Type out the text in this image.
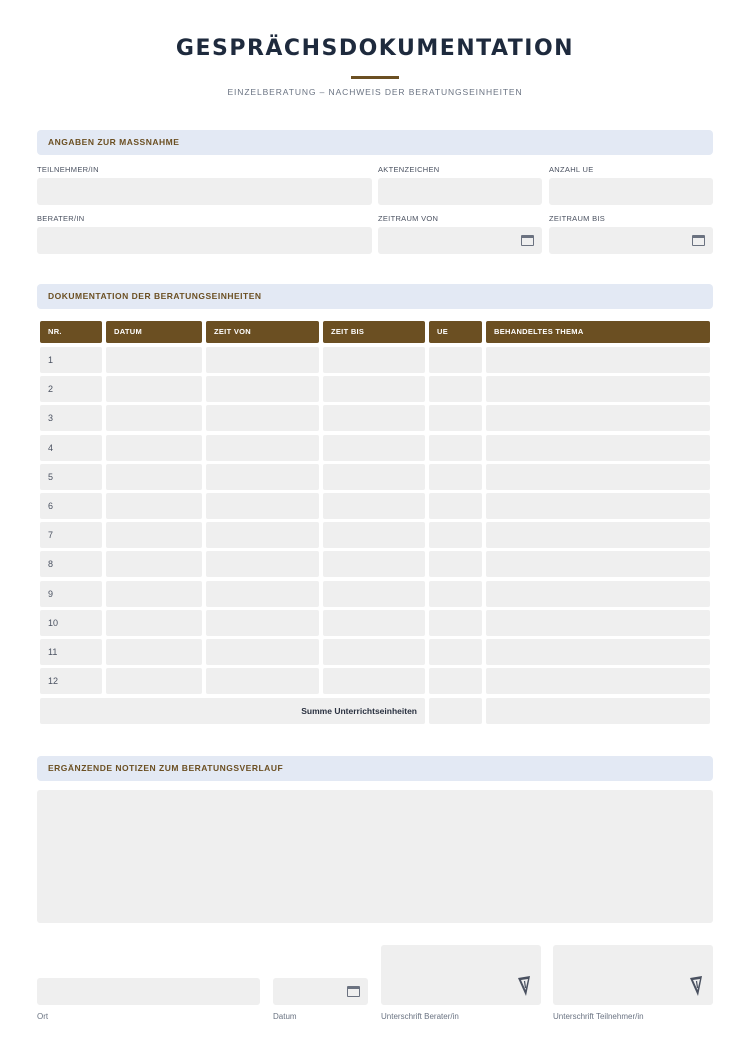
GESPRÄCHSDOKUMENTATION
EINZELBERATUNG – NACHWEIS DER BERATUNGSEINHEITEN
ANGABEN ZUR MASSNAHME
TEILNEHMER/IN	AKTENZEICHEN	ANZAHL UE
BERATER/IN	ZEITRAUM VON	ZEITRAUM BIS
DOKUMENTATION DER BERATUNGSEINHEITEN
NR.	DATUM	ZEIT VON	ZEIT BIS	UE	BEHANDELTES THEMA
1
2
3
4
5
6
7
8
9
10
11
12
Summe Unterrichtseinheiten
ERGÄNZENDE NOTIZEN ZUM BERATUNGSVERLAUF
Ort	Datum	Unterschrift Berater/in	Unterschrift Teilnehmer/in
